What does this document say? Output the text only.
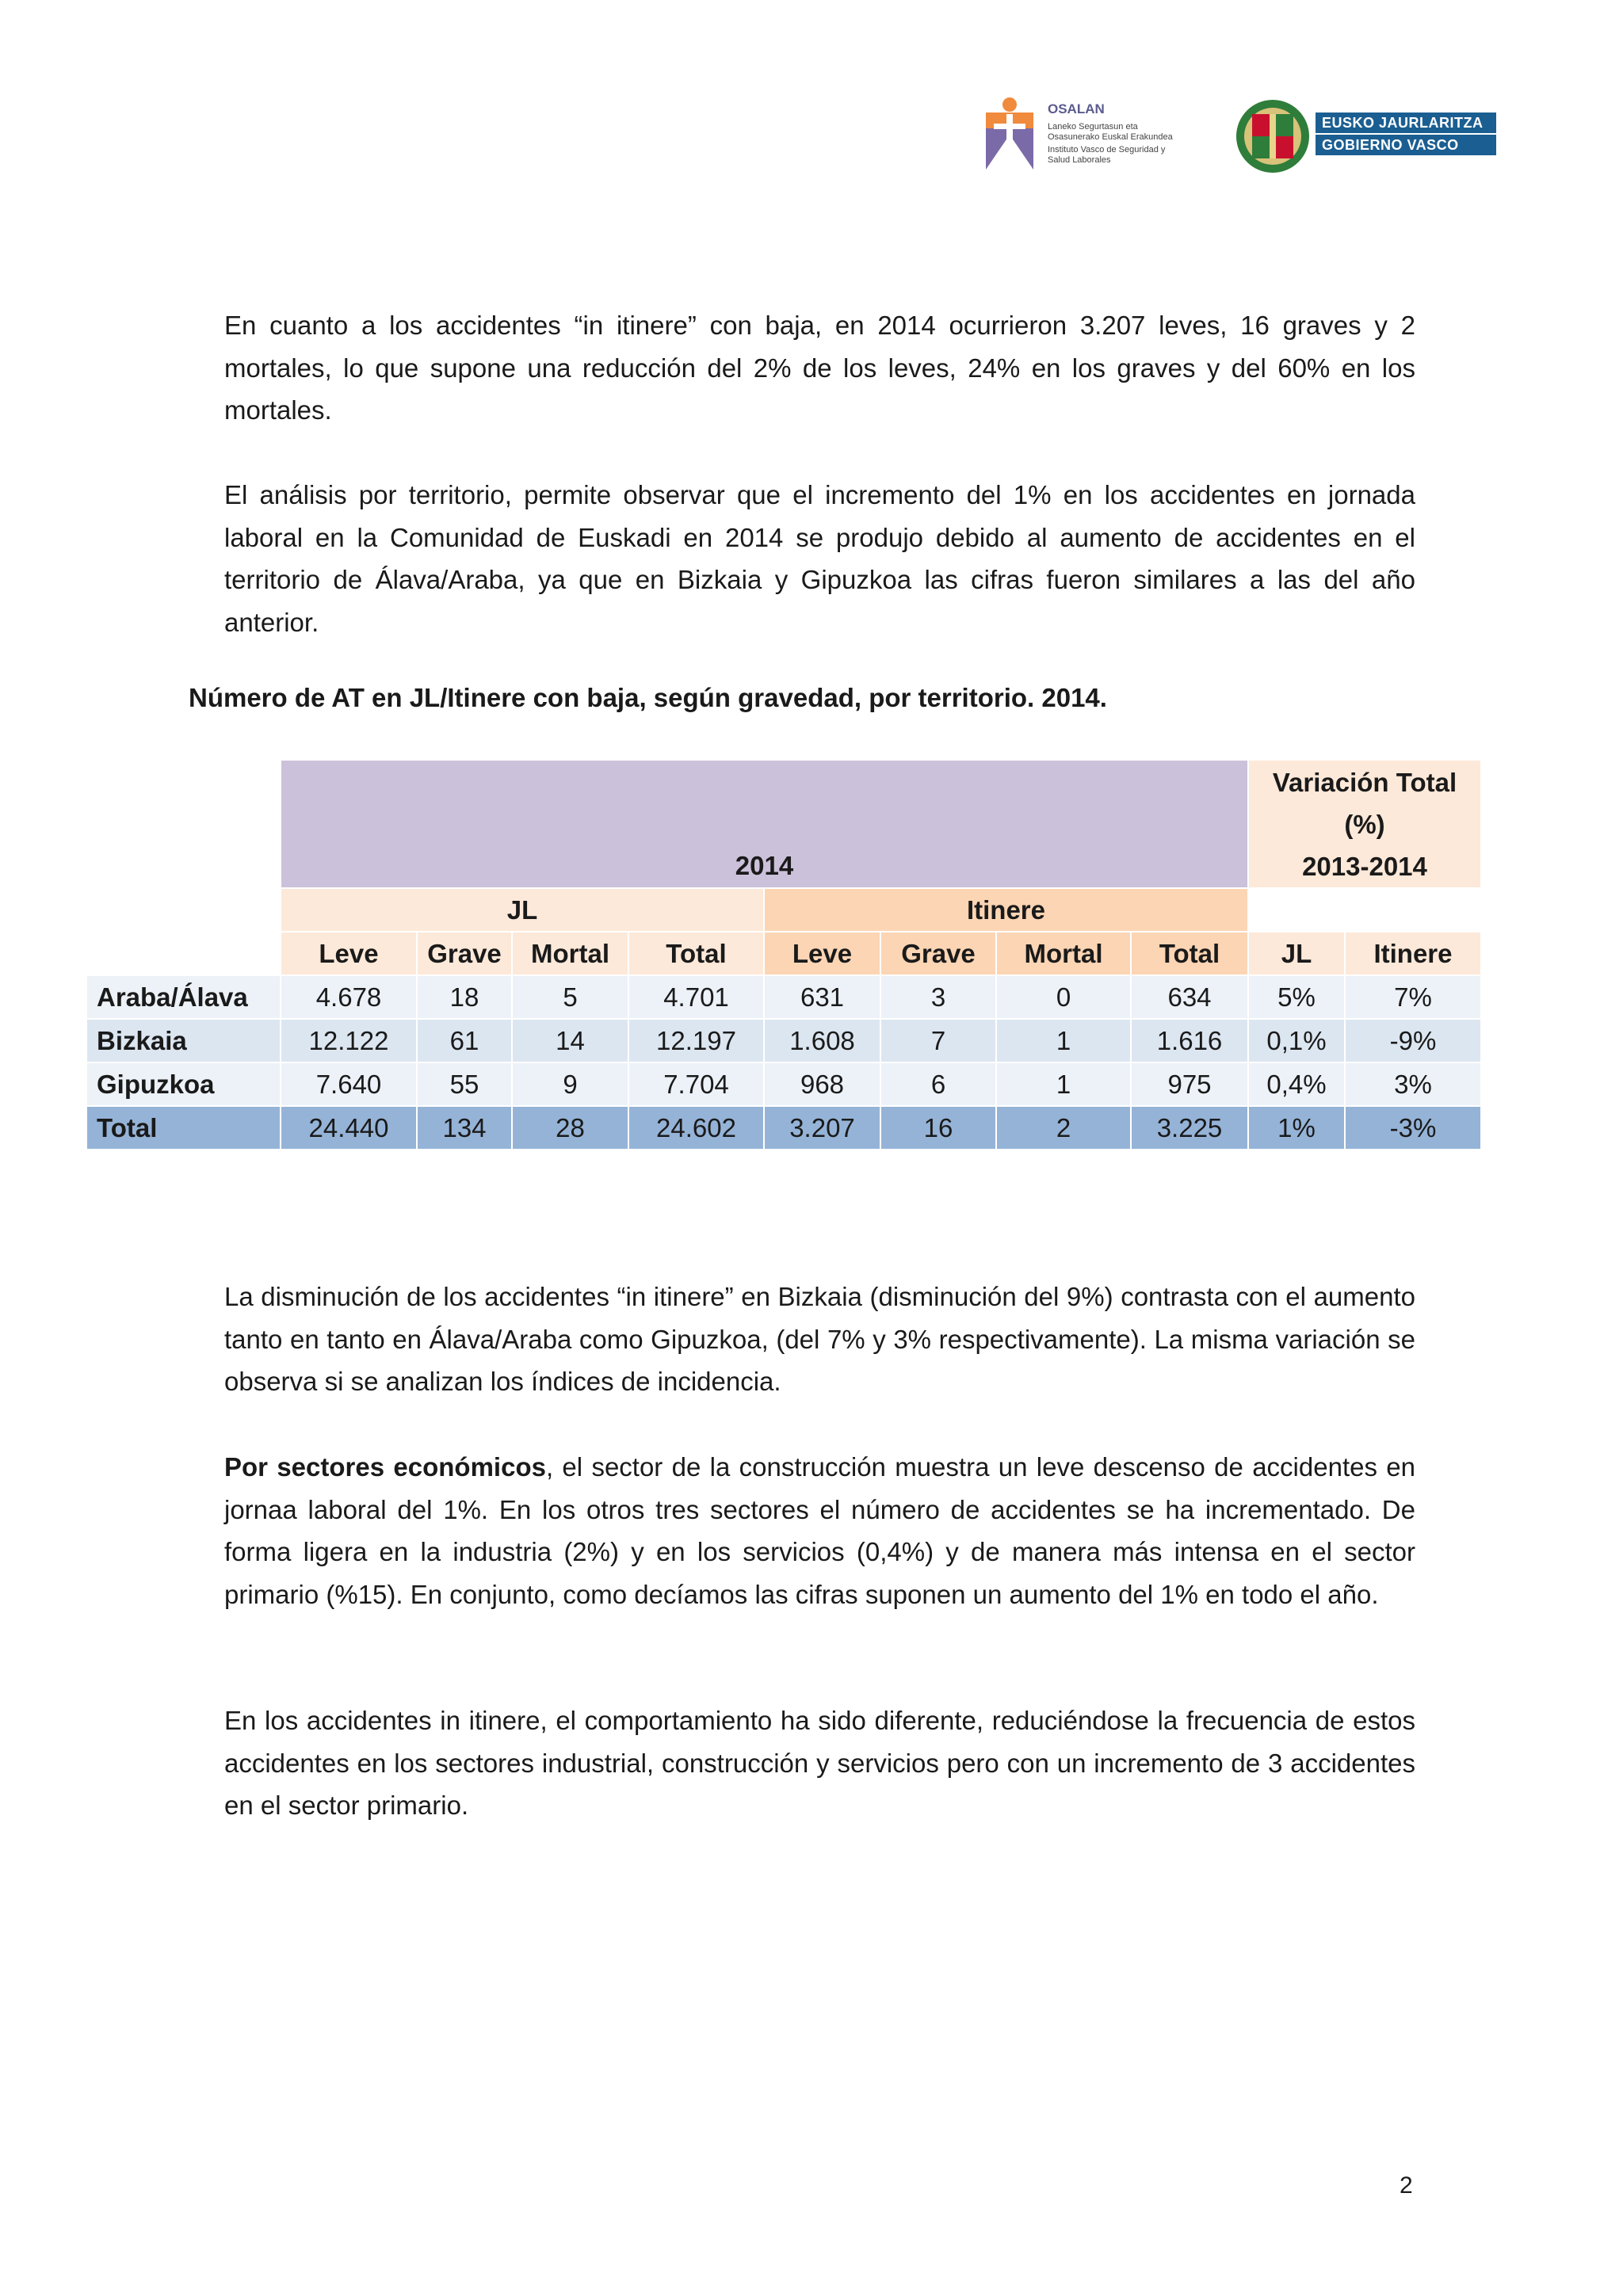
OSALAN
Laneko Segurtasun eta
Osasunerako Euskal Erakundea
Instituto Vasco de Seguridad y
Salud Laborales
EUSKO JAURLARITZA
GOBIERNO VASCO

En cuanto a los accidentes “in itinere” con baja, en 2014 ocurrieron 3.207 leves, 16 graves y 2 mortales, lo que supone una reducción del 2% de los leves, 24% en los graves y del 60% en los mortales.

El análisis por territorio, permite observar que el incremento del 1% en los accidentes en jornada laboral en la Comunidad de Euskadi en 2014 se produjo debido al aumento de accidentes en el territorio de Álava/Araba, ya que en Bizkaia y Gipuzkoa las cifras fueron similares a las del año anterior.

Número de AT en JL/Itinere con baja, según gravedad, por territorio. 2014.
	2014								Variación Total
(%)
2013-2014	

	JL				Itinere					
	Leve	Grave	Mortal	Total	Leve	Grave	Mortal	Total	JL	Itinere
Araba/Álava	4.678	18	5	4.701	631	3	0	634	5%	7%
Bizkaia	12.122	61	14	12.197	1.608	7	1	1.616	0,1%	-9%
Gipuzkoa	7.640	55	9	7.704	968	6	1	975	0,4%	3%
Total	24.440	134	28	24.602	3.207	16	2	3.225	1%	-3%

La disminución de los accidentes “in itinere” en Bizkaia (disminución del 9%) contrasta con el aumento tanto en tanto en Álava/Araba como Gipuzkoa, (del 7% y 3% respectivamente). La misma variación se observa si se analizan los índices de incidencia.

Por sectores económicos, el sector de la construcción muestra un leve descenso de accidentes en jornaa laboral del 1%. En los otros tres sectores el número de accidentes se ha incrementado. De forma ligera en la industria (2%) y en los servicios (0,4%) y de manera más intensa en el sector primario (%15). En conjunto, como decíamos las cifras suponen un aumento del 1% en todo el año.

En los accidentes in itinere, el comportamiento ha sido diferente, reduciéndose la frecuencia de estos accidentes en los sectores industrial, construcción y servicios pero con un incremento de 3 accidentes en el sector primario.

2
